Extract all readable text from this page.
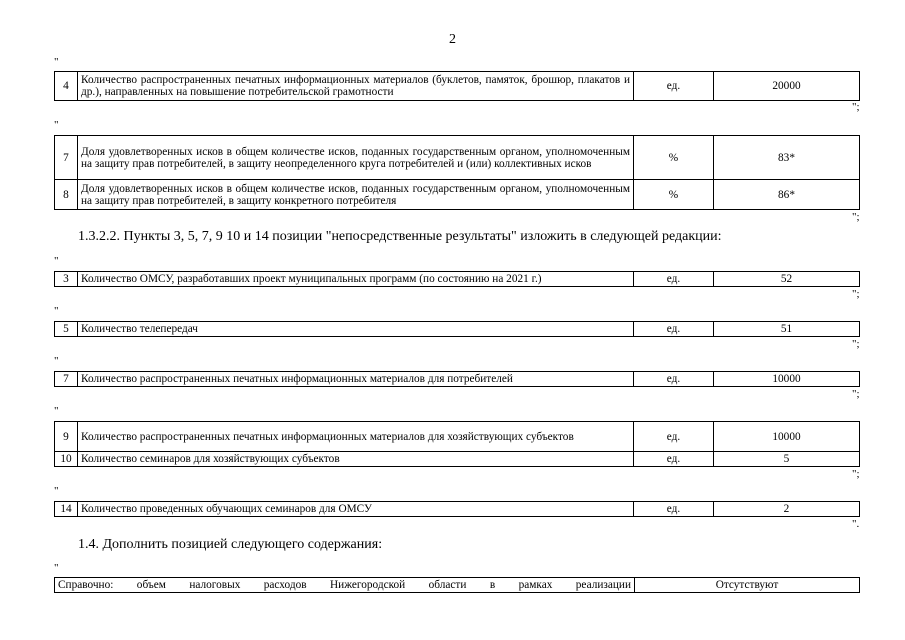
2
"
4	Количество распространенных печатных информационных материалов (буклетов, памяток, брошюр, плакатов и др.), направленных на повышение потребительской грамотности	ед.	20000
";
"
7	Доля удовлетворенных исков в общем количестве исков, поданных государственным органом, уполномоченным на защиту прав потребителей, в защиту неопределенного круга потребителей и (или) коллективных исков	%	83*
8	Доля удовлетворенных исков в общем количестве исков, поданных государственным органом, уполномоченным на защиту прав потребителей, в защиту конкретного потребителя	%	86*
";
1.3.2.2. Пункты 3, 5, 7, 9 10 и 14 позиции "непосредственные результаты" изложить в следующей редакции:
"
3	Количество ОМСУ, разработавших проект муниципальных программ (по состоянию на 2021 г.)	ед.	52
";
"
5	Количество телепередач	ед.	51
";
"
7	Количество распространенных печатных информационных материалов для потребителей	ед.	10000
";
"
9	Количество распространенных печатных информационных материалов для хозяйствующих субъектов	ед.	10000
10	Количество семинаров для хозяйствующих субъектов	ед.	5
";
"
14	Количество проведенных обучающих семинаров для ОМСУ	ед.	2
".
1.4. Дополнить позицией следующего содержания:
"
Справочно: объем налоговых расходов Нижегородской области в рамках реализации	Отсутствуют
